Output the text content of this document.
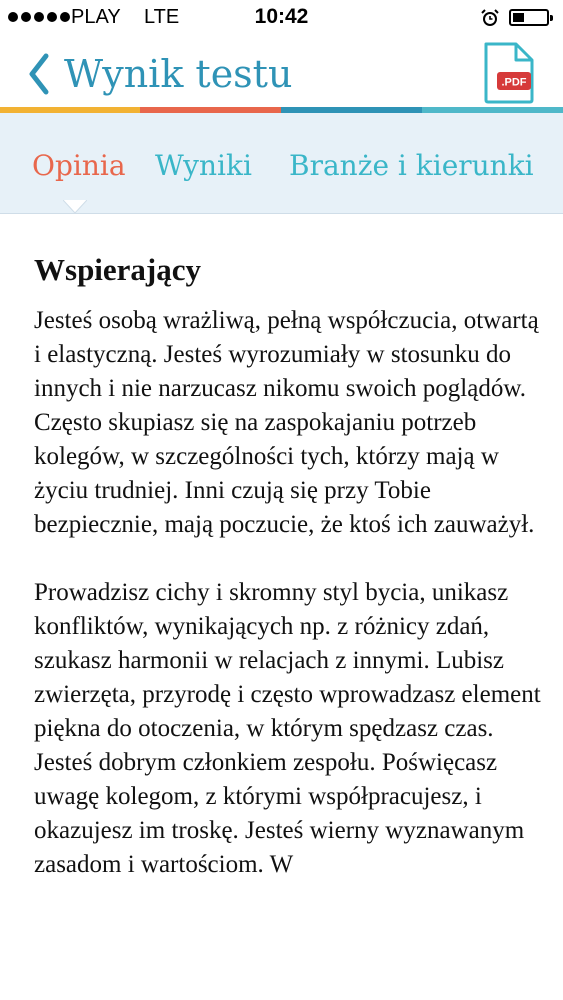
PLAY LTE	10:42
Wynik testu	.PDF
Opinia Wyniki Branże i kierunki
Wspierający

Jesteś osobą wrażliwą, pełną współczucia, otwartą i elastyczną. Jesteś wyrozumiały w stosunku do innych i nie narzucasz nikomu swoich poglądów. Często skupiasz się na zaspokajaniu potrzeb kolegów, w szczególności tych, którzy mają w życiu trudniej. Inni czują się przy Tobie bezpiecznie, mają poczucie, że ktoś ich zauważył.

Prowadzisz cichy i skromny styl bycia, unikasz konfliktów, wynikających np. z różnicy zdań, szukasz harmonii w relacjach z innymi. Lubisz zwierzęta, przyrodę i często wprowadzasz element piękna do otoczenia, w którym spędzasz czas. Jesteś dobrym członkiem zespołu. Poświęcasz uwagę kolegom, z którymi współpracujesz, i okazujesz im troskę. Jesteś wierny wyznawanym zasadom i wartościom. W
